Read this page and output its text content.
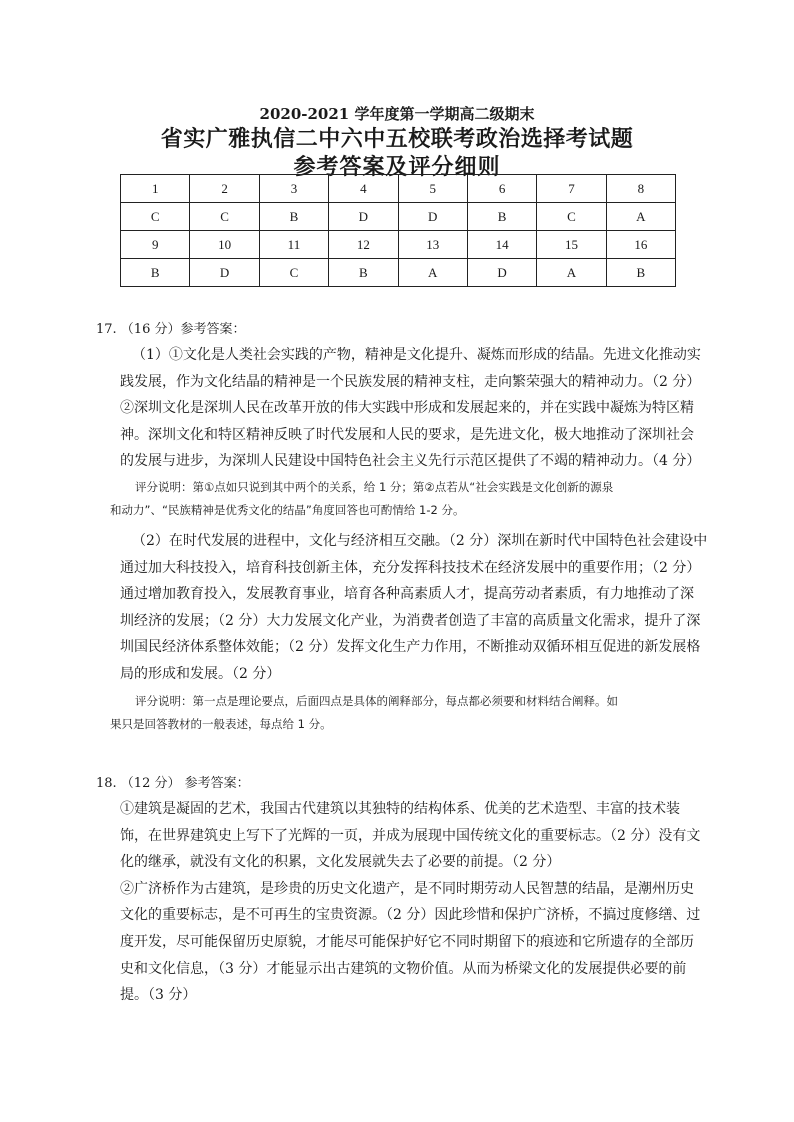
2020-2021 学年度第一学期高二级期末
省实广雅执信二中六中五校联考政治选择考试题
参考答案及评分细则
1	2	3	4	5	6	7	8
C	C	B	D	D	B	C	A
9	10	11	12	13	14	15	16
B	D	C	B	A	D	A	B
17. （16 分）参考答案：

（1）①文化是人类社会实践的产物，精神是文化提升、凝炼而形成的结晶。先进文化推动实

践发展，作为文化结晶的精神是一个民族发展的精神支柱，走向繁荣强大的精神动力。（2 分）

②深圳文化是深圳人民在改革开放的伟大实践中形成和发展起来的，并在实践中凝炼为特区精

神。深圳文化和特区精神反映了时代发展和人民的要求，是先进文化，极大地推动了深圳社会

的发展与进步，为深圳人民建设中国特色社会主义先行示范区提供了不竭的精神动力。（4 分）

评分说明：第①点如只说到其中两个的关系，给 1 分；第②点若从“社会实践是文化创新的源泉

和动力”、“民族精神是优秀文化的结晶”角度回答也可酌情给 1-2 分。

（2）在时代发展的进程中，文化与经济相互交融。（2 分）深圳在新时代中国特色社会建设中

通过加大科技投入，培育科技创新主体，充分发挥科技技术在经济发展中的重要作用；（2 分）

通过增加教育投入，发展教育事业，培育各种高素质人才，提高劳动者素质，有力地推动了深

圳经济的发展；（2 分）大力发展文化产业，为消费者创造了丰富的高质量文化需求，提升了深

圳国民经济体系整体效能；（2 分）发挥文化生产力作用，不断推动双循环相互促进的新发展格

局的形成和发展。（2 分）

评分说明：第一点是理论要点，后面四点是具体的阐释部分，每点都必须要和材料结合阐释。如

果只是回答教材的一般表述，每点给 1 分。

18. （12 分） 参考答案：

①建筑是凝固的艺术，我国古代建筑以其独特的结构体系、优美的艺术造型、丰富的技术装

饰，在世界建筑史上写下了光辉的一页，并成为展现中国传统文化的重要标志。（2 分）没有文

化的继承，就没有文化的积累，文化发展就失去了必要的前提。（2 分）

②广济桥作为古建筑，是珍贵的历史文化遗产，是不同时期劳动人民智慧的结晶，是潮州历史

文化的重要标志，是不可再生的宝贵资源。（2 分）因此珍惜和保护广济桥，不搞过度修缮、过

度开发，尽可能保留历史原貌，才能尽可能保护好它不同时期留下的痕迹和它所遗存的全部历

史和文化信息，（3 分）才能显示出古建筑的文物价值。从而为桥梁文化的发展提供必要的前

提。（3 分）
